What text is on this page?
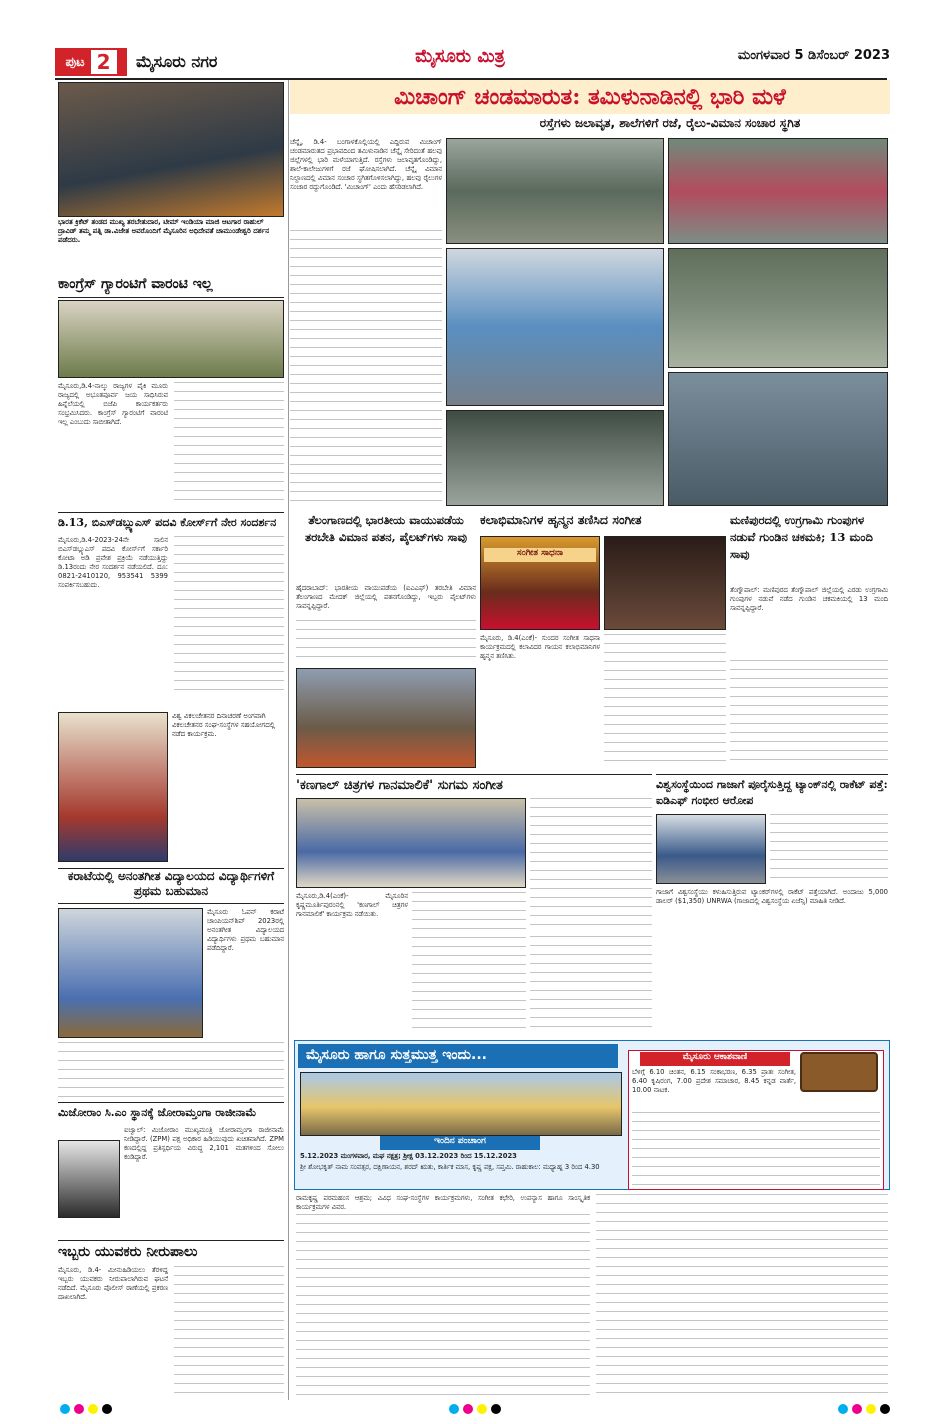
ಪುಟ 2	ಮೈಸೂರು ನಗರ	ಮೈಸೂರು ಮಿತ್ರ	ಮಂಗಳವಾರ 5 ಡಿಸೆಂಬರ್ 2023
ಭಾರತ ಕ್ರಿಕೆಟ್ ತಂಡದ ಮುಖ್ಯ ತರಬೇತುದಾರ, ಟೀಮ್ ಇಂಡಿಯಾ ಮಾಜಿ ಆಟಗಾರ ರಾಹುಲ್ ದ್ರಾವಿಡ್ ತಮ್ಮ ಪತ್ನಿ ಡಾ.ವಿಜೇತ ಅವರೊಂದಿಗೆ ಮೈಸೂರಿನ ಅಧಿದೇವತೆ ಚಾಮುಂಡೇಶ್ವರಿ ದರ್ಶನ ಪಡೆದರು.
ಕಾಂಗ್ರೆಸ್ ಗ್ಯಾರಂಟಿಗೆ ವಾರಂಟಿ ಇಲ್ಲ
ಮೈಸೂರು,ಡಿ.4-ನಾಲ್ಕು ರಾಜ್ಯಗಳ ಪೈಕಿ ಮೂರು ರಾಜ್ಯದಲ್ಲಿ ಅಭೂತಪೂರ್ವ ಜಯ ಸಾಧಿಸಿರುವ ಹಿನ್ನೆಲೆಯಲ್ಲಿ ಬಿಜೆಪಿ ಕಾರ್ಯಕರ್ತರು ಸಂಭ್ರಮಿಸಿದರು. ಕಾಂಗ್ರೆಸ್ ಗ್ಯಾರಂಟಿಗೆ ವಾರಂಟಿ ಇಲ್ಲ ಎಂಬುದು ಸಾಬೀತಾಗಿದೆ.
ಡಿ.13, ಬಿಎಸ್‌ಡಬ್ಲ್ಯುಎಸ್ ಪದವಿ ಕೋರ್ಸ್‌ಗೆ ನೇರ ಸಂದರ್ಶನ
ಮೈಸೂರು,ಡಿ.4-2023-24ನೇ ಸಾಲಿನ ಬಿಎಸ್‌ಡಬ್ಲ್ಯುಎಸ್ ಪದವಿ ಕೋರ್ಸ್‌ಗೆ ಸರ್ಕಾರಿ ಕೋಟಾ ಅಡಿ ಪ್ರವೇಶ ಪ್ರಕ್ರಿಯೆ ನಡೆಯುತ್ತಿದ್ದು ಡಿ.13ರಂದು ನೇರ ಸಂದರ್ಶನ ನಡೆಯಲಿದೆ. ದೂ: 0821-2410120, 953541 5399 ಸಂಪರ್ಕಿಸಬಹುದು.
ವಿಶ್ವ ವಿಕಲಚೇತನರ ದಿನಾಚರಣೆ ಅಂಗವಾಗಿ ವಿಕಲಚೇತನರ ಸಂಘ-ಸಂಸ್ಥೆಗಳ ಸಹಯೋಗದಲ್ಲಿ ನಡೆದ ಕಾರ್ಯಕ್ರಮ.
ಕರಾಟೆಯಲ್ಲಿ ಅನಂತಗೀತ ವಿದ್ಯಾಲಯದ ವಿದ್ಯಾರ್ಥಿಗಳಿಗೆ ಪ್ರಥಮ ಬಹುಮಾನ
ಮೈಸೂರು ಓಪನ್ ಕರಾಟೆ ಚಾಂಪಿಯನ್‌ಶಿಪ್ 2023ರಲ್ಲಿ ಅನಂತಗೀತ ವಿದ್ಯಾಲಯದ ವಿದ್ಯಾರ್ಥಿಗಳು ಪ್ರಥಮ ಬಹುಮಾನ ಪಡೆದಿದ್ದಾರೆ.
ಮಿಜೋರಾಂ ಸಿ.ಎಂ ಸ್ಥಾನಕ್ಕೆ ಜೋರಾಮ್ತಂಗಾ ರಾಜೀನಾಮೆ
ಐಜ್ವಾಲ್: ಮಿಜೋರಾಂ ಮುಖ್ಯಮಂತ್ರಿ ಜೋರಾಮ್ತಂಗಾ ರಾಜೀನಾಮೆ ನೀಡಿದ್ದಾರೆ. (ZPM) ಪಕ್ಷ ಅಧಿಕಾರ ಹಿಡಿಯುವುದು ಖಚಿತವಾಗಿದೆ. ZPM ಕಣದಲ್ಲಿದ್ದ ಪ್ರತಿಸ್ಪರ್ಧಿಯ ವಿರುದ್ಧ 2,101 ಮತಗಳಿಂದ ಸೋಲು ಕಂಡಿದ್ದಾರೆ.
ಇಬ್ಬರು ಯುವಕರು ನೀರುಪಾಲು
ಮೈಸೂರು, ಡಿ.4- ಮೀನುಹಿಡಿಯಲು ತೆರಳಿದ್ದ ಇಬ್ಬರು ಯುವಕರು ನೀರುಪಾಲಾಗಿರುವ ಘಟನೆ ನಡೆದಿದೆ. ಮೈಸೂರು ಪೊಲೀಸ್ ಠಾಣೆಯಲ್ಲಿ ಪ್ರಕರಣ ದಾಖಲಾಗಿದೆ.
ಮಿಚಾಂಗ್ ಚಂಡಮಾರುತ: ತಮಿಳುನಾಡಿನಲ್ಲಿ ಭಾರಿ ಮಳೆ
ರಸ್ತೆಗಳು ಜಲಾವೃತ, ಶಾಲೆಗಳಿಗೆ ರಜೆ, ರೈಲು-ವಿಮಾನ ಸಂಚಾರ ಸ್ಥಗಿತ
ಚೆನ್ನೈ, ಡಿ.4- ಬಂಗಾಳಕೊಲ್ಲಿಯಲ್ಲಿ ಎದ್ದಿರುವ ಮಿಚಾಂಗ್ ಚಂಡಮಾರುತದ ಪ್ರಭಾವದಿಂದ ತಮಿಳುನಾಡಿನ ಚೆನ್ನೈ ಸೇರಿದಂತೆ ಹಲವು ಜಿಲ್ಲೆಗಳಲ್ಲಿ ಭಾರಿ ಮಳೆಯಾಗುತ್ತಿದೆ. ರಸ್ತೆಗಳು ಜಲಾವೃತಗೊಂಡಿದ್ದು, ಶಾಲೆ-ಕಾಲೇಜುಗಳಿಗೆ ರಜೆ ಘೋಷಿಸಲಾಗಿದೆ. ಚೆನ್ನೈ ವಿಮಾನ ನಿಲ್ದಾಣದಲ್ಲಿ ವಿಮಾನ ಸಂಚಾರ ಸ್ಥಗಿತಗೊಳಿಸಲಾಗಿದ್ದು, ಹಲವು ರೈಲುಗಳ ಸಂಚಾರ ರದ್ದುಗೊಂಡಿದೆ. 'ಮಿಚಾಂಗ್' ಎಂದು ಹೆಸರಿಡಲಾಗಿದೆ.
ತೆಲಂಗಾಣದಲ್ಲಿ ಭಾರತೀಯ ವಾಯುಪಡೆಯ ತರಬೇತಿ ವಿಮಾನ ಪತನ, ಪೈಲಟ್‌ಗಳು ಸಾವು
ಹೈದರಾಬಾದ್: ಭಾರತೀಯ ವಾಯುಪಡೆಯ (ಐಎಎಫ್) ತರಬೇತಿ ವಿಮಾನ ತೆಲಂಗಾಣದ ಮೇದಕ್ ಜಿಲ್ಲೆಯಲ್ಲಿ ಪತನಗೊಂಡಿದ್ದು, ಇಬ್ಬರು ಪೈಲಟ್‌ಗಳು ಸಾವನ್ನಪ್ಪಿದ್ದಾರೆ.
ಕಲಾಭಿಮಾನಿಗಳ ಹೃನ್ಮನ ತಣಿಸಿದ ಸಂಗೀತ
ಸಂಗೀತ ಸಾಧನಾ
ಮೈಸೂರು, ಡಿ.4(ಎಂಕೆ)- ಸುಂದರ ಸಂಗೀತ ಸಾಧನಾ ಕಾರ್ಯಕ್ರಮದಲ್ಲಿ ಕಲಾವಿದರ ಗಾಯನ ಕಲಾಭಿಮಾನಿಗಳ ಹೃನ್ಮನ ತಣಿಸಿತು.
ಮಣಿಪುರದಲ್ಲಿ ಉಗ್ರಗಾಮಿ ಗುಂಪುಗಳ ನಡುವೆ ಗುಂಡಿನ ಚಕಮಕಿ; 13 ಮಂದಿ ಸಾವು
ತೆಂಗ್ನೌಪಾಲ್: ಮಣಿಪುರದ ತೆಂಗ್ನೌಪಾಲ್ ಜಿಲ್ಲೆಯಲ್ಲಿ ಎರಡು ಉಗ್ರಗಾಮಿ ಗುಂಪುಗಳ ನಡುವೆ ನಡೆದ ಗುಂಡಿನ ಚಕಮಕಿಯಲ್ಲಿ 13 ಮಂದಿ ಸಾವನ್ನಪ್ಪಿದ್ದಾರೆ.
'ಕಣಗಾಲ್ ಚಿತ್ರಗಳ ಗಾನಮಾಲಿಕೆ' ಸುಗಮ ಸಂಗೀತ
ಮೈಸೂರು,ಡಿ.4(ಎಂಕೆ)- ಮೈಸೂರಿನ ಕೃಷ್ಣಮೂರ್ತಿಪುರಂನಲ್ಲಿ 'ಕಣಗಾಲ್ ಚಿತ್ರಗಳ ಗಾನಮಾಲಿಕೆ' ಕಾರ್ಯಕ್ರಮ ನಡೆಯಿತು.
ವಿಶ್ವಸಂಸ್ಥೆಯಿಂದ ಗಾಜಾಗೆ ಪೂರೈಸುತ್ತಿದ್ದ ಟ್ಯಾಂಕ್‌ನಲ್ಲಿ ರಾಕೆಟ್ ಪತ್ತೆ: ಐಡಿಎಫ್ ಗಂಭೀರ ಆರೋಪ
ಗಾಜಾಗೆ ವಿಶ್ವಸಂಸ್ಥೆಯು ಕಳುಹಿಸುತ್ತಿರುವ ಟ್ಯಾಂಕರ್‌ಗಳಲ್ಲಿ ರಾಕೆಟ್ ಪತ್ತೆಯಾಗಿದೆ. ಅಂದಾಜು 5,000 ಡಾಲರ್ ($1,350) UNRWA (ಗಾಜಾದಲ್ಲಿ ವಿಶ್ವಸಂಸ್ಥೆಯ ಏಜೆನ್ಸಿ) ಮಾಹಿತಿ ನೀಡಿದೆ.
ಮೈಸೂರು ಹಾಗೂ ಸುತ್ತಮುತ್ತ ಇಂದು...
ಇಂದಿನ ಪಂಚಾಂಗ
5.12.2023 ಮಂಗಳವಾರ, ಮಘ ನಕ್ಷತ್ರ; ಶ್ರೀಕ್ಷ 03.12.2023 ರಿಂದ 15.12.2023
ಶ್ರೀ ಶೋಭಕೃತ್ ನಾಮ ಸಂವತ್ಸರ, ದಕ್ಷಿಣಾಯನ, ಶರದ್ ಋತು, ಕಾರ್ತಿಕ ಮಾಸ, ಕೃಷ್ಣ ಪಕ್ಷ, ಸಪ್ತಮಿ. ರಾಹುಕಾಲ: ಮಧ್ಯಾಹ್ನ 3 ರಿಂದ 4.30
ಮೈಸೂರು ಆಕಾಶವಾಣಿ
ಬೆಳಿಗ್ಗೆ 6.10 ಚಿಂತನ, 6.15 ಸಂಕಾಭರಣ, 6.35 ಪ್ರಾತಃ ಸಂಗೀತ, 6.40 ಕೃಷಿರಂಗ, 7.00 ಪ್ರದೇಶ ಸಮಾಚಾರ, 8.45 ಕನ್ನಡ ವಾರ್ತೆ, 10.00 ನಾಟಕ.
ರಾಮಕೃಷ್ಣ ಪರಮಹಂಸ ಆಶ್ರಮ; ವಿವಿಧ ಸಂಘ-ಸಂಸ್ಥೆಗಳ ಕಾರ್ಯಕ್ರಮಗಳು, ಸಂಗೀತ ಕಛೇರಿ, ಉಪನ್ಯಾಸ ಹಾಗೂ ಸಾಂಸ್ಕೃತಿಕ ಕಾರ್ಯಕ್ರಮಗಳ ವಿವರ.
